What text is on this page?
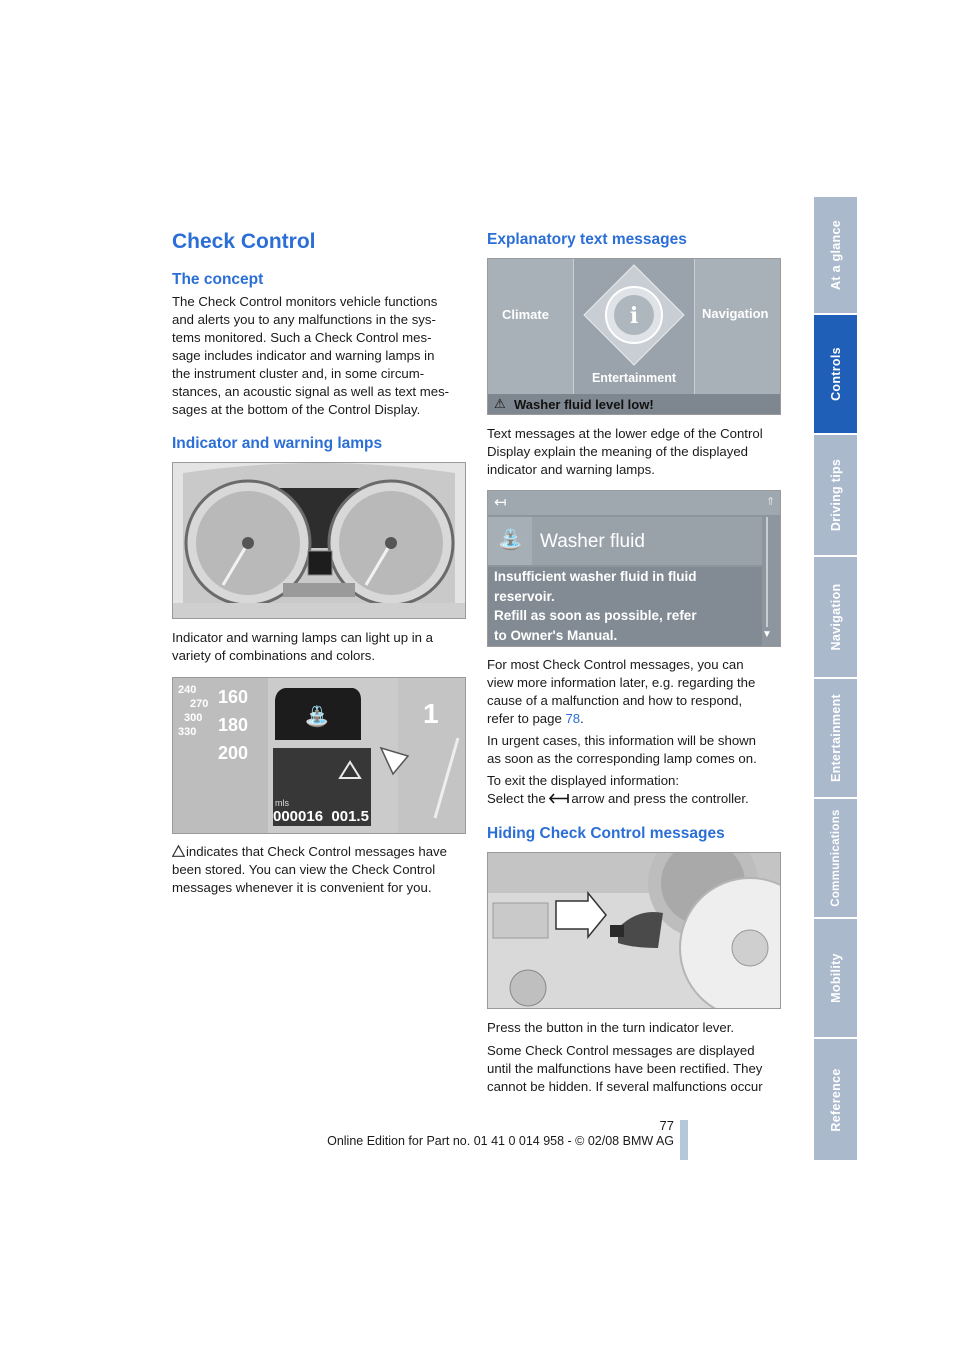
At a glance
Controls
Driving tips
Navigation
Entertainment
Communications
Mobility
Reference
Check Control
The concept
The Check Control monitors vehicle functions
and alerts you to any malfunctions in the sys-
tems monitored. Such a Check Control mes-
sage includes indicator and warning lamps in
the instrument cluster and, in some circum-
stances, an acoustic signal as well as text mes-
sages at the bottom of the Control Display.
Indicator and warning lamps
Indicator and warning lamps can light up in a
variety of combinations and colors.
240
270
300
330
160
180
200
1
⛲
mls
000016  001.5
indicates that Check Control messages have
been stored. You can view the Check Control
messages whenever it is convenient for you.
Explanatory text messages
i
Climate	Navigation
Entertainment
⚠ Washer fluid level low!
Text messages at the lower edge of the Control
Display explain the meaning of the displayed
indicator and warning lamps.
↤	⇑
⛲ Washer fluid
Insufficient washer fluid in fluid
reservoir.
Refill as soon as possible, refer
to Owner's Manual.	▼
For most Check Control messages, you can
view more information later, e.g. regarding the
cause of a malfunction and how to respond,
refer to page 78.
In urgent cases, this information will be shown
as soon as the corresponding lamp comes on.
To exit the displayed information:
Select the arrow and press the controller.
Hiding Check Control messages
Press the button in the turn indicator lever.
Some Check Control messages are displayed
until the malfunctions have been rectified. They
cannot be hidden. If several malfunctions occur
77
Online Edition for Part no. 01 41 0 014 958 - © 02/08 BMW AG
